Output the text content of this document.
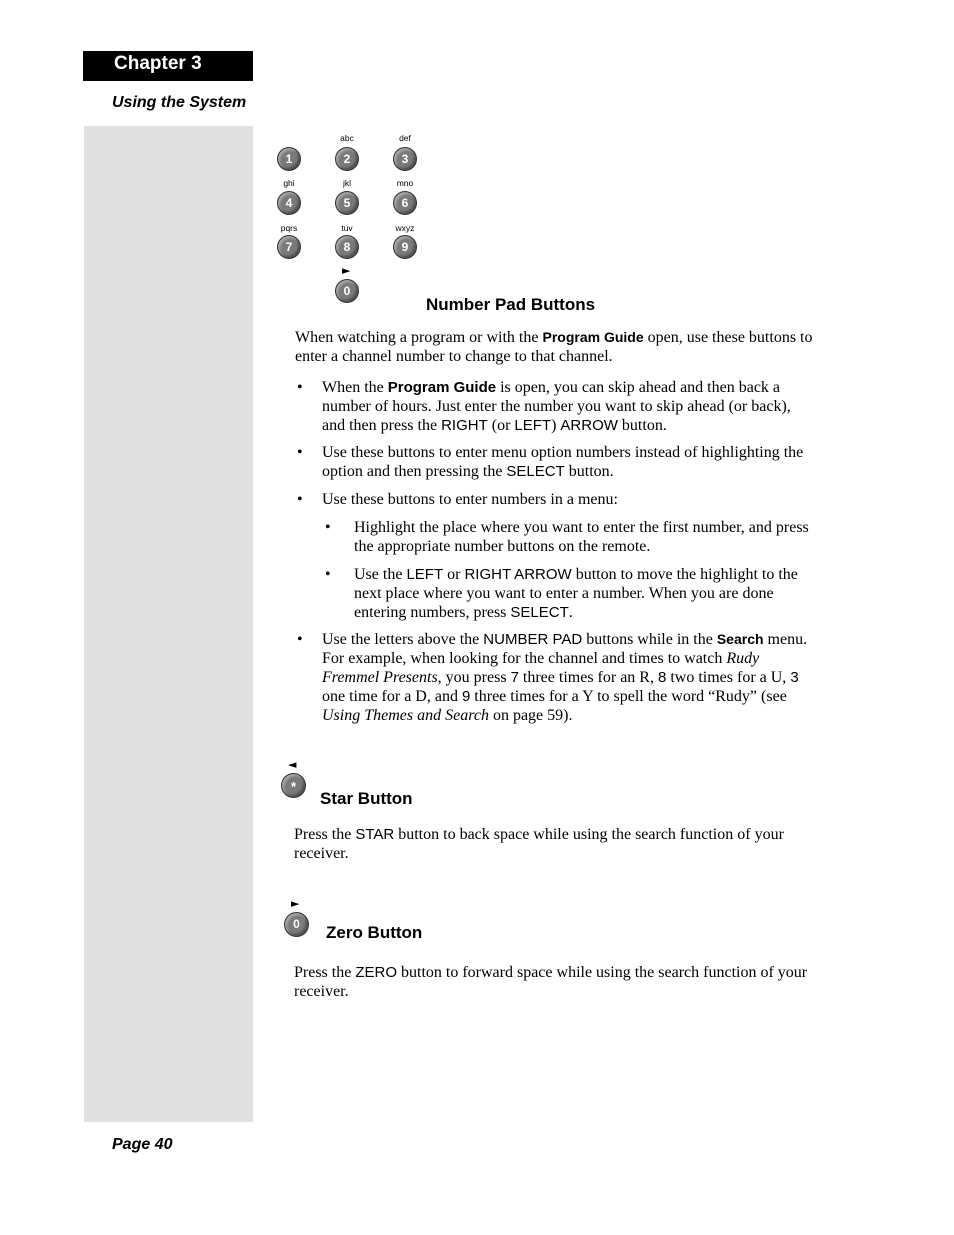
Chapter 3
Using the System
Page 40
abc	def
1	2	3
ghi	jkl	mno
4	5	6
pqrs	tuv	wxyz
7	8	9
►
0
Number Pad Buttons

When watching a program or with the Program Guide open, use these buttons to enter a channel number to change to that channel.

• When the Program Guide is open, you can skip ahead and then back a number of hours. Just enter the number you want to skip ahead (or back), and then press the RIGHT (or LEFT) ARROW button.
• Use these buttons to enter menu option numbers instead of highlighting the option and then pressing the SELECT button.
• Use these buttons to enter numbers in a menu:
• Highlight the place where you want to enter the first number, and press the appropriate number buttons on the remote.
• Use the LEFT or RIGHT ARROW button to move the highlight to the next place where you want to enter a number. When you are done entering numbers, press SELECT.
• Use the letters above the NUMBER PAD buttons while in the Search menu. For example, when looking for the channel and times to watch Rudy Fremmel Presents, you press 7 three times for an R, 8 two times for a U, 3 one time for a D, and 9 three times for a Y to spell the word “Rudy” (see Using Themes and Search on page 59).
◄
*
Star Button

Press the STAR button to back space while using the search function of your receiver.

►
0	Zero Button

Press the ZERO button to forward space while using the search function of your receiver.
